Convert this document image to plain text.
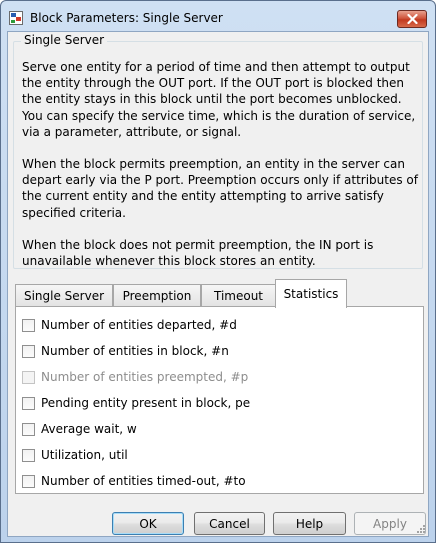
Block Parameters: Single Server
Single Server
Serve one entity for a period of time and then attempt to output the entity through the OUT port. If the OUT port is blocked then the entity stays in this block until the port becomes unblocked. You can specify the service time, which is the duration of service, via a parameter, attribute, or signal.
When the block permits preemption, an entity in the server can depart early via the P port. Preemption occurs only if attributes of the current entity and the entity attempting to arrive satisfy specified criteria.
When the block does not permit preemption, the IN port is unavailable whenever this block stores an entity.
Single Server	Preemption	Timeout	Statistics
Number of entities departed, #d
Number of entities in block, #n
Number of entities preempted, #p
Pending entity present in block, pe
Average wait, w
Utilization, util
Number of entities timed-out, #to
OK	Cancel	Help	Apply
